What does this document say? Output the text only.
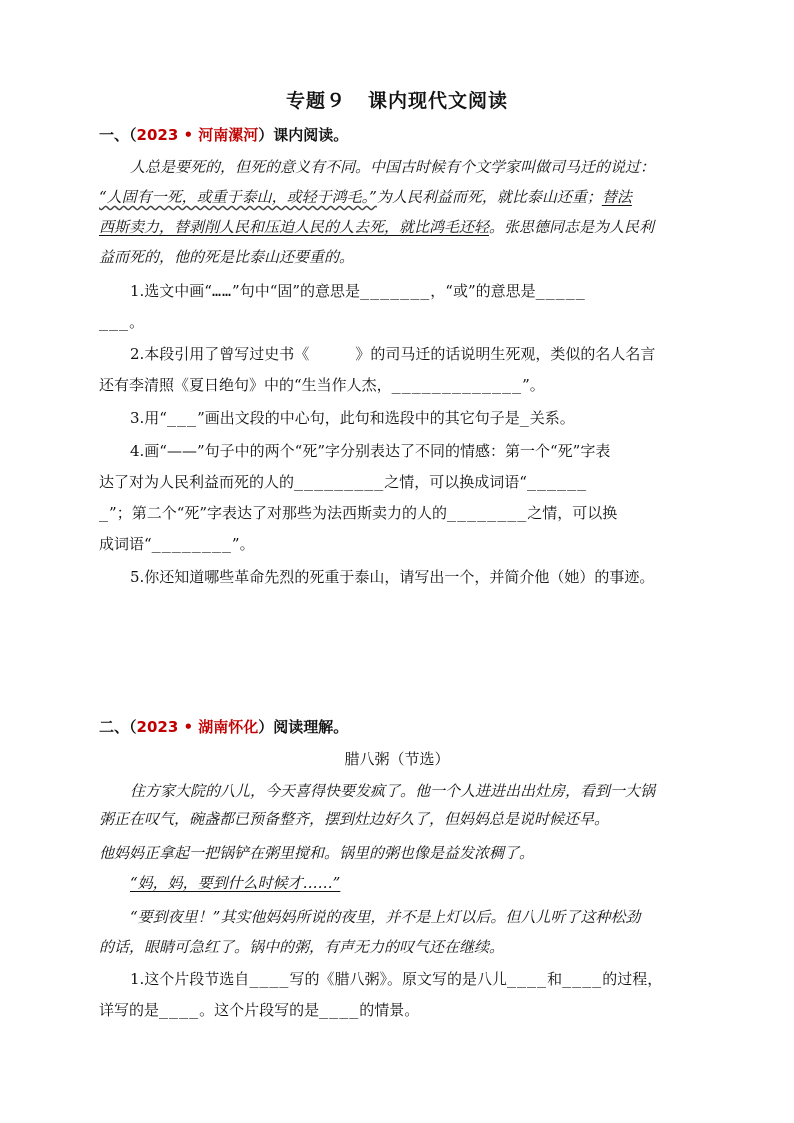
专题９ 课内现代文阅读
一、（2023 • 河南漯河）课内阅读。
人总是要死的，但死的意义有不同。中国古时候有个文学家叫做司马迁的说过：
“人固有一死，或重于泰山，或轻于鸿毛。”为人民利益而死，就比泰山还重；替法
西斯卖力，替剥削人民和压迫人民的人去死，就比鸿毛还轻。张思德同志是为人民利
益而死的，他的死是比泰山还要重的。
1.选文中画“……”句中“固”的意思是_______，“或”的意思是_____
___。
2.本段引用了曾写过史书《	》的司马迁的话说明生死观，类似的名人名言
还有李清照《夏日绝句》中的“生当作人杰，_____________”。
3.用“___”画出文段的中心句，此句和选段中的其它句子是_关系。
4.画“——”句子中的两个“死”字分别表达了不同的情感：第一个“死”字表
达了对为人民利益而死的人的_________之情，可以换成词语“______
_”；第二个“死”字表达了对那些为法西斯卖力的人的________之情，可以换
成词语“________”。
5.你还知道哪些革命先烈的死重于泰山，请写出一个，并简介他（她）的事迹。
二、（2023 • 湖南怀化）阅读理解。
腊八粥（节选）
住方家大院的八儿，今天喜得快要发疯了。他一个人进进出出灶房，看到一大锅
粥正在叹气，碗盏都已预备整齐，摆到灶边好久了，但妈妈总是说时候还早。
他妈妈正拿起一把锅铲在粥里搅和。锅里的粥也像是益发浓稠了。
“妈，妈，要到什么时候才……”
“要到夜里！”其实他妈妈所说的夜里，并不是上灯以后。但八儿听了这种松劲
的话，眼睛可急红了。锅中的粥，有声无力的叹气还在继续。
1.这个片段节选自____写的《腊八粥》。原文写的是八儿____和____的过程，
详写的是____。这个片段写的是____的情景。
